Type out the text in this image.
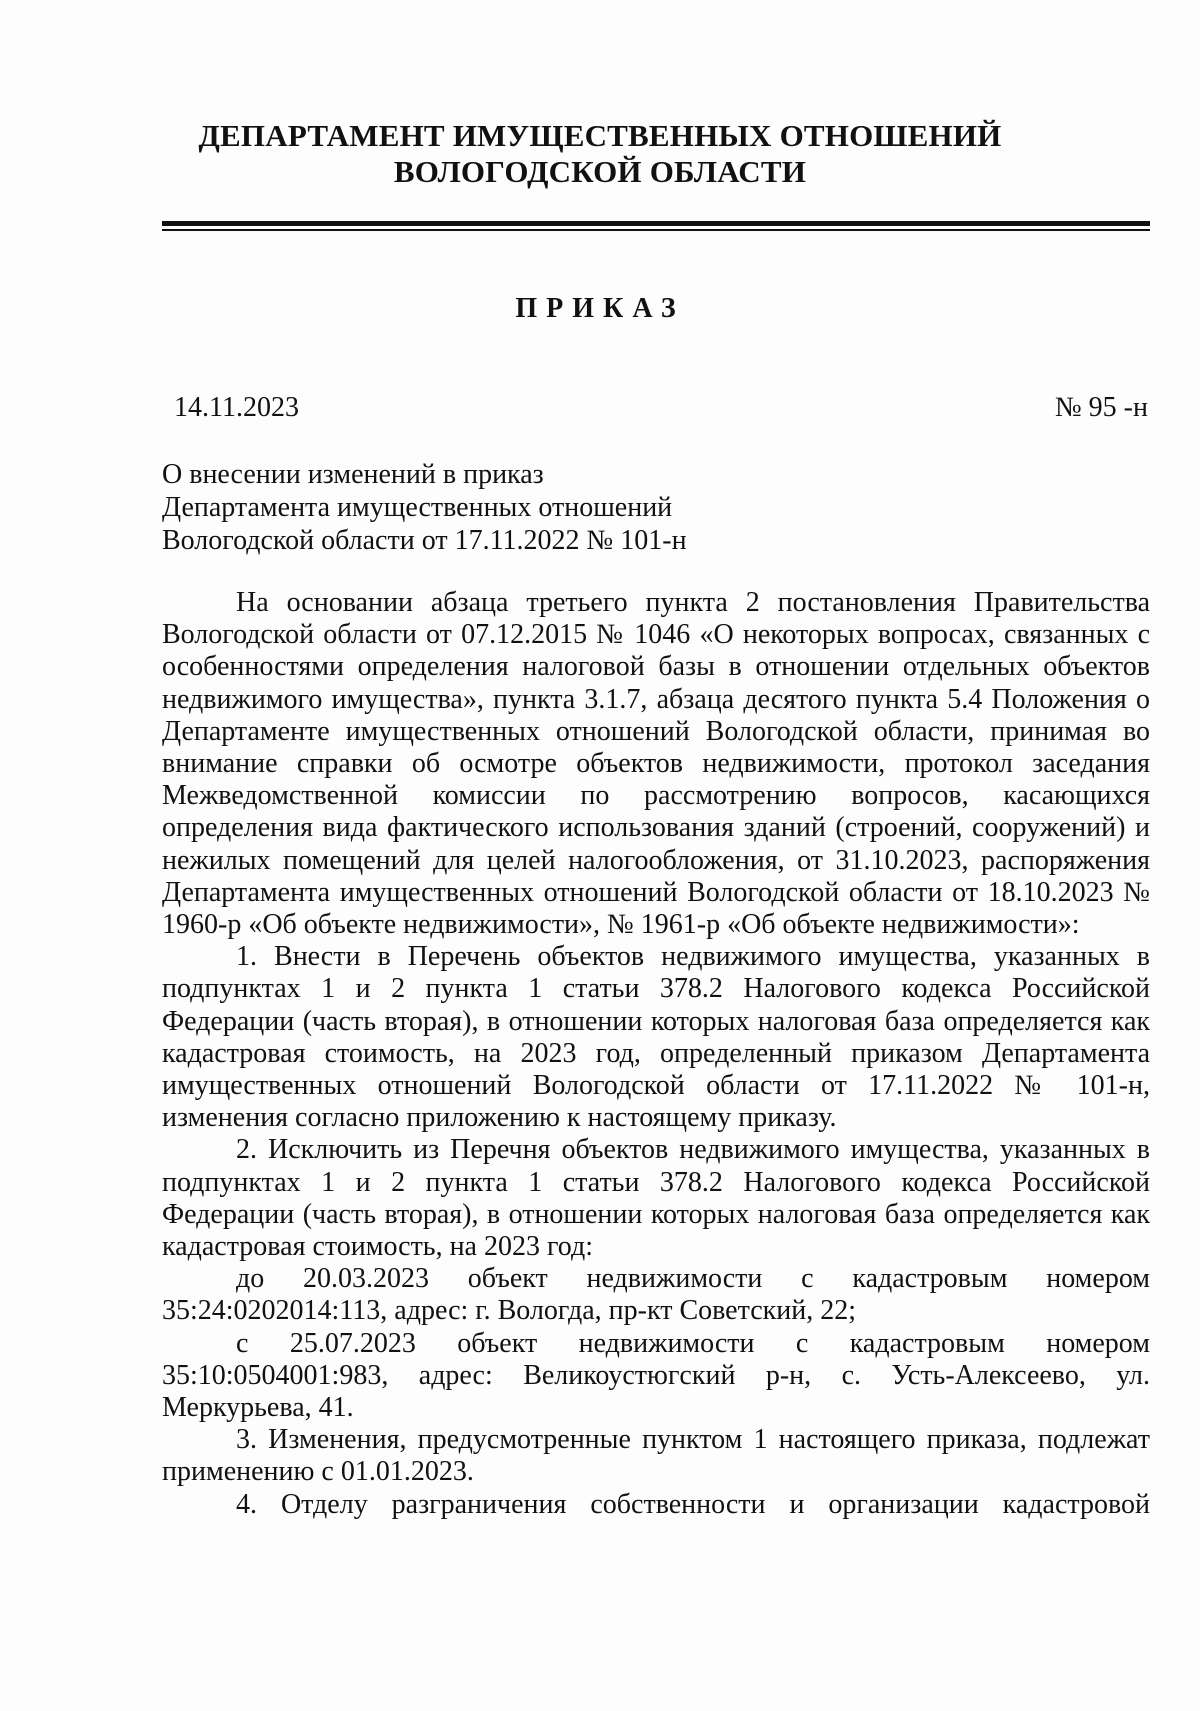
ДЕПАРТАМЕНТ ИМУЩЕСТВЕННЫХ ОТНОШЕНИЙ
ВОЛОГОДСКОЙ ОБЛАСТИ
ПРИКАЗ
14.11.2023	№ 95 -н
О внесении изменений в приказ
Департамента имущественных отношений
Вологодской области от 17.11.2022 № 101-н

На основании абзаца третьего пункта 2 постановления Правительства Вологодской области от 07.12.2015 № 1046 «О некоторых вопросах, связанных с особенностями определения налоговой базы в отношении отдельных объектов недвижимого имущества», пункта 3.1.7, абзаца десятого пункта 5.4 Положения о Департаменте имущественных отношений Вологодской области, принимая во внимание справки об осмотре объектов недвижимости, протокол заседания Межведомственной комиссии по рассмотрению вопросов, касающихся определения вида фактического использования зданий (строений, сооружений) и нежилых помещений для целей налогообложения, от 31.10.2023, распоряжения Департамента имущественных отношений Вологодской области от 18.10.2023 № 1960-р «Об объекте недвижимости», № 1961-р «Об объекте недвижимости»:

1. Внести в Перечень объектов недвижимого имущества, указанных в подпунктах 1 и 2 пункта 1 статьи 378.2 Налогового кодекса Российской Федерации (часть вторая), в отношении которых налоговая база определяется как кадастровая стоимость, на 2023 год, определенный приказом Департамента имущественных отношений Вологодской области от 17.11.2022 № 101-н, изменения согласно приложению к настоящему приказу.

2. Исключить из Перечня объектов недвижимого имущества, указанных в подпунктах 1 и 2 пункта 1 статьи 378.2 Налогового кодекса Российской Федерации (часть вторая), в отношении которых налоговая база определяется как кадастровая стоимость, на 2023 год:

до 20.03.2023 объект недвижимости с кадастровым номером 35:24:0202014:113, адрес: г. Вологда, пр-кт Советский, 22;

с 25.07.2023 объект недвижимости с кадастровым номером 35:10:0504001:983, адрес: Великоустюгский р-н, с. Усть-Алексеево, ул. Меркурьева, 41.

3. Изменения, предусмотренные пунктом 1 настоящего приказа, подлежат применению с 01.01.2023.

4. Отделу разграничения собственности и организации кадастровой
